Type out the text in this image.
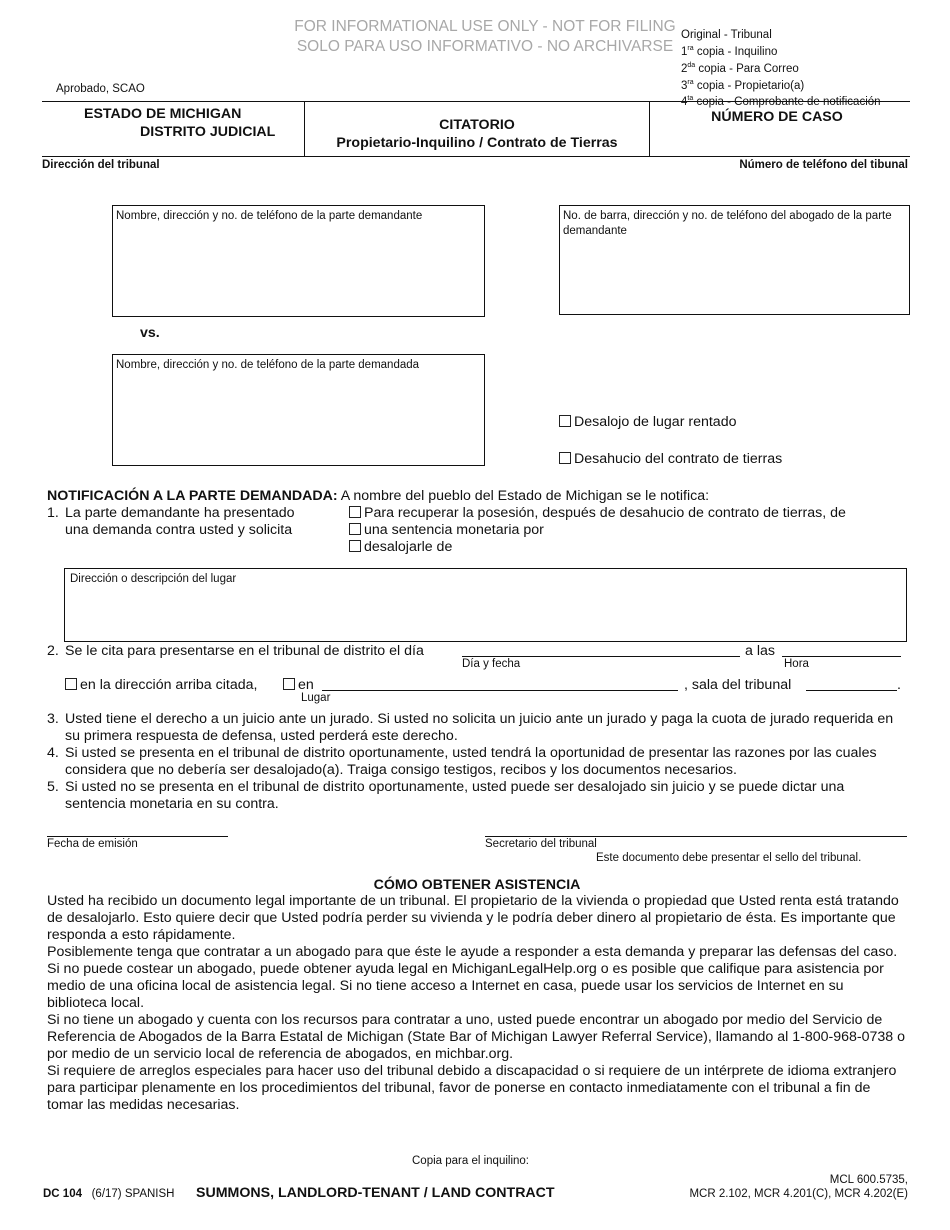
FOR INFORMATIONAL USE ONLY - NOT FOR FILING
SOLO PARA USO INFORMATIVO - NO ARCHIVARSE
Original - Tribunal
$1^{ra}$ copia - Inquilino
$2^{da}$ copia - Para Correo
$3^{ra}$ copia - Propietario(a)
$4^{ta}$ copia - Comprobante de notificación
Aprobado, SCAO
ESTADO DE MICHIGAN
DISTRITO JUDICIAL	CITATORIO
Propietario-Inquilino / Contrato de Tierras
NÚMERO DE CASO
Dirección del tribunal	Número de teléfono del tibunal
Nombre, dirección y no. de teléfono de la parte demandante	No. de barra, dirección y no. de teléfono del abogado de la parte demandante
vs.
Nombre, dirección y no. de teléfono de la parte demandada
Desalojo de lugar rentado
Desahucio del contrato de tierras
NOTIFICACIÓN A LA PARTE DEMANDADA: A nombre del pueblo del Estado de Michigan se le notifica:
1. La parte demandante ha presentado
una demanda contra usted y solicita
Para recuperar la posesión, después de desahucio de contrato de tierras, de
una sentencia monetaria por
desalojarle de
Dirección o descripción del lugar
2. Se le cita para presentarse en el tribunal de distrito el día	a las
Día y fecha	Hora
en la dirección arriba citada,	en
Lugar
, sala del tribunal	.
3. Usted tiene el derecho a un juicio ante un jurado. Si usted no solicita un juicio ante un jurado y paga la cuota de jurado requerida en su primera respuesta de defensa, usted perderá este derecho.
4. Si usted se presenta en el tribunal de distrito oportunamente, usted tendrá la oportunidad de presentar las razones por las cuales considera que no debería ser desalojado(a). Traiga consigo testigos, recibos y los documentos necesarios.
5. Si usted no se presenta en el tribunal de distrito oportunamente, usted puede ser desalojado sin juicio y se puede dictar una sentencia monetaria en su contra.
Fecha de emisión	Secretario del tribunal
Este documento debe presentar el sello del tribunal.
CÓMO OBTENER ASISTENCIA

Usted ha recibido un documento legal importante de un tribunal. El propietario de la vivienda o propiedad que Usted renta está tratando de desalojarlo. Esto quiere decir que Usted podría perder su vivienda y le podría deber dinero al propietario de ésta. Es importante que responda a esto rápidamente.

Posiblemente tenga que contratar a un abogado para que éste le ayude a responder a esta demanda y preparar las defensas del caso. Si no puede costear un abogado, puede obtener ayuda legal en MichiganLegalHelp.org o es posible que califique para asistencia por medio de una oficina local de asistencia legal. Si no tiene acceso a Internet en casa, puede usar los servicios de Internet en su biblioteca local.

Si no tiene un abogado y cuenta con los recursos para contratar a uno, usted puede encontrar un abogado por medio del Servicio de Referencia de Abogados de la Barra Estatal de Michigan (State Bar of Michigan Lawyer Referral Service), llamando al 1-800-968-0738 o por medio de un servicio local de referencia de abogados, en michbar.org.

Si requiere de arreglos especiales para hacer uso del tribunal debido a discapacidad o si requiere de un intérprete de idioma extranjero para participar plenamente en los procedimientos del tribunal, favor de ponerse en contacto inmediatamente con el tribunal a fin de tomar las medidas necesarias.

Copia para el inquilino:
DC 104 (6/17) SPANISH SUMMONS, LANDLORD-TENANT / LAND CONTRACT
MCL 600.5735,
MCR 2.102, MCR 4.201(C), MCR 4.202(E)
